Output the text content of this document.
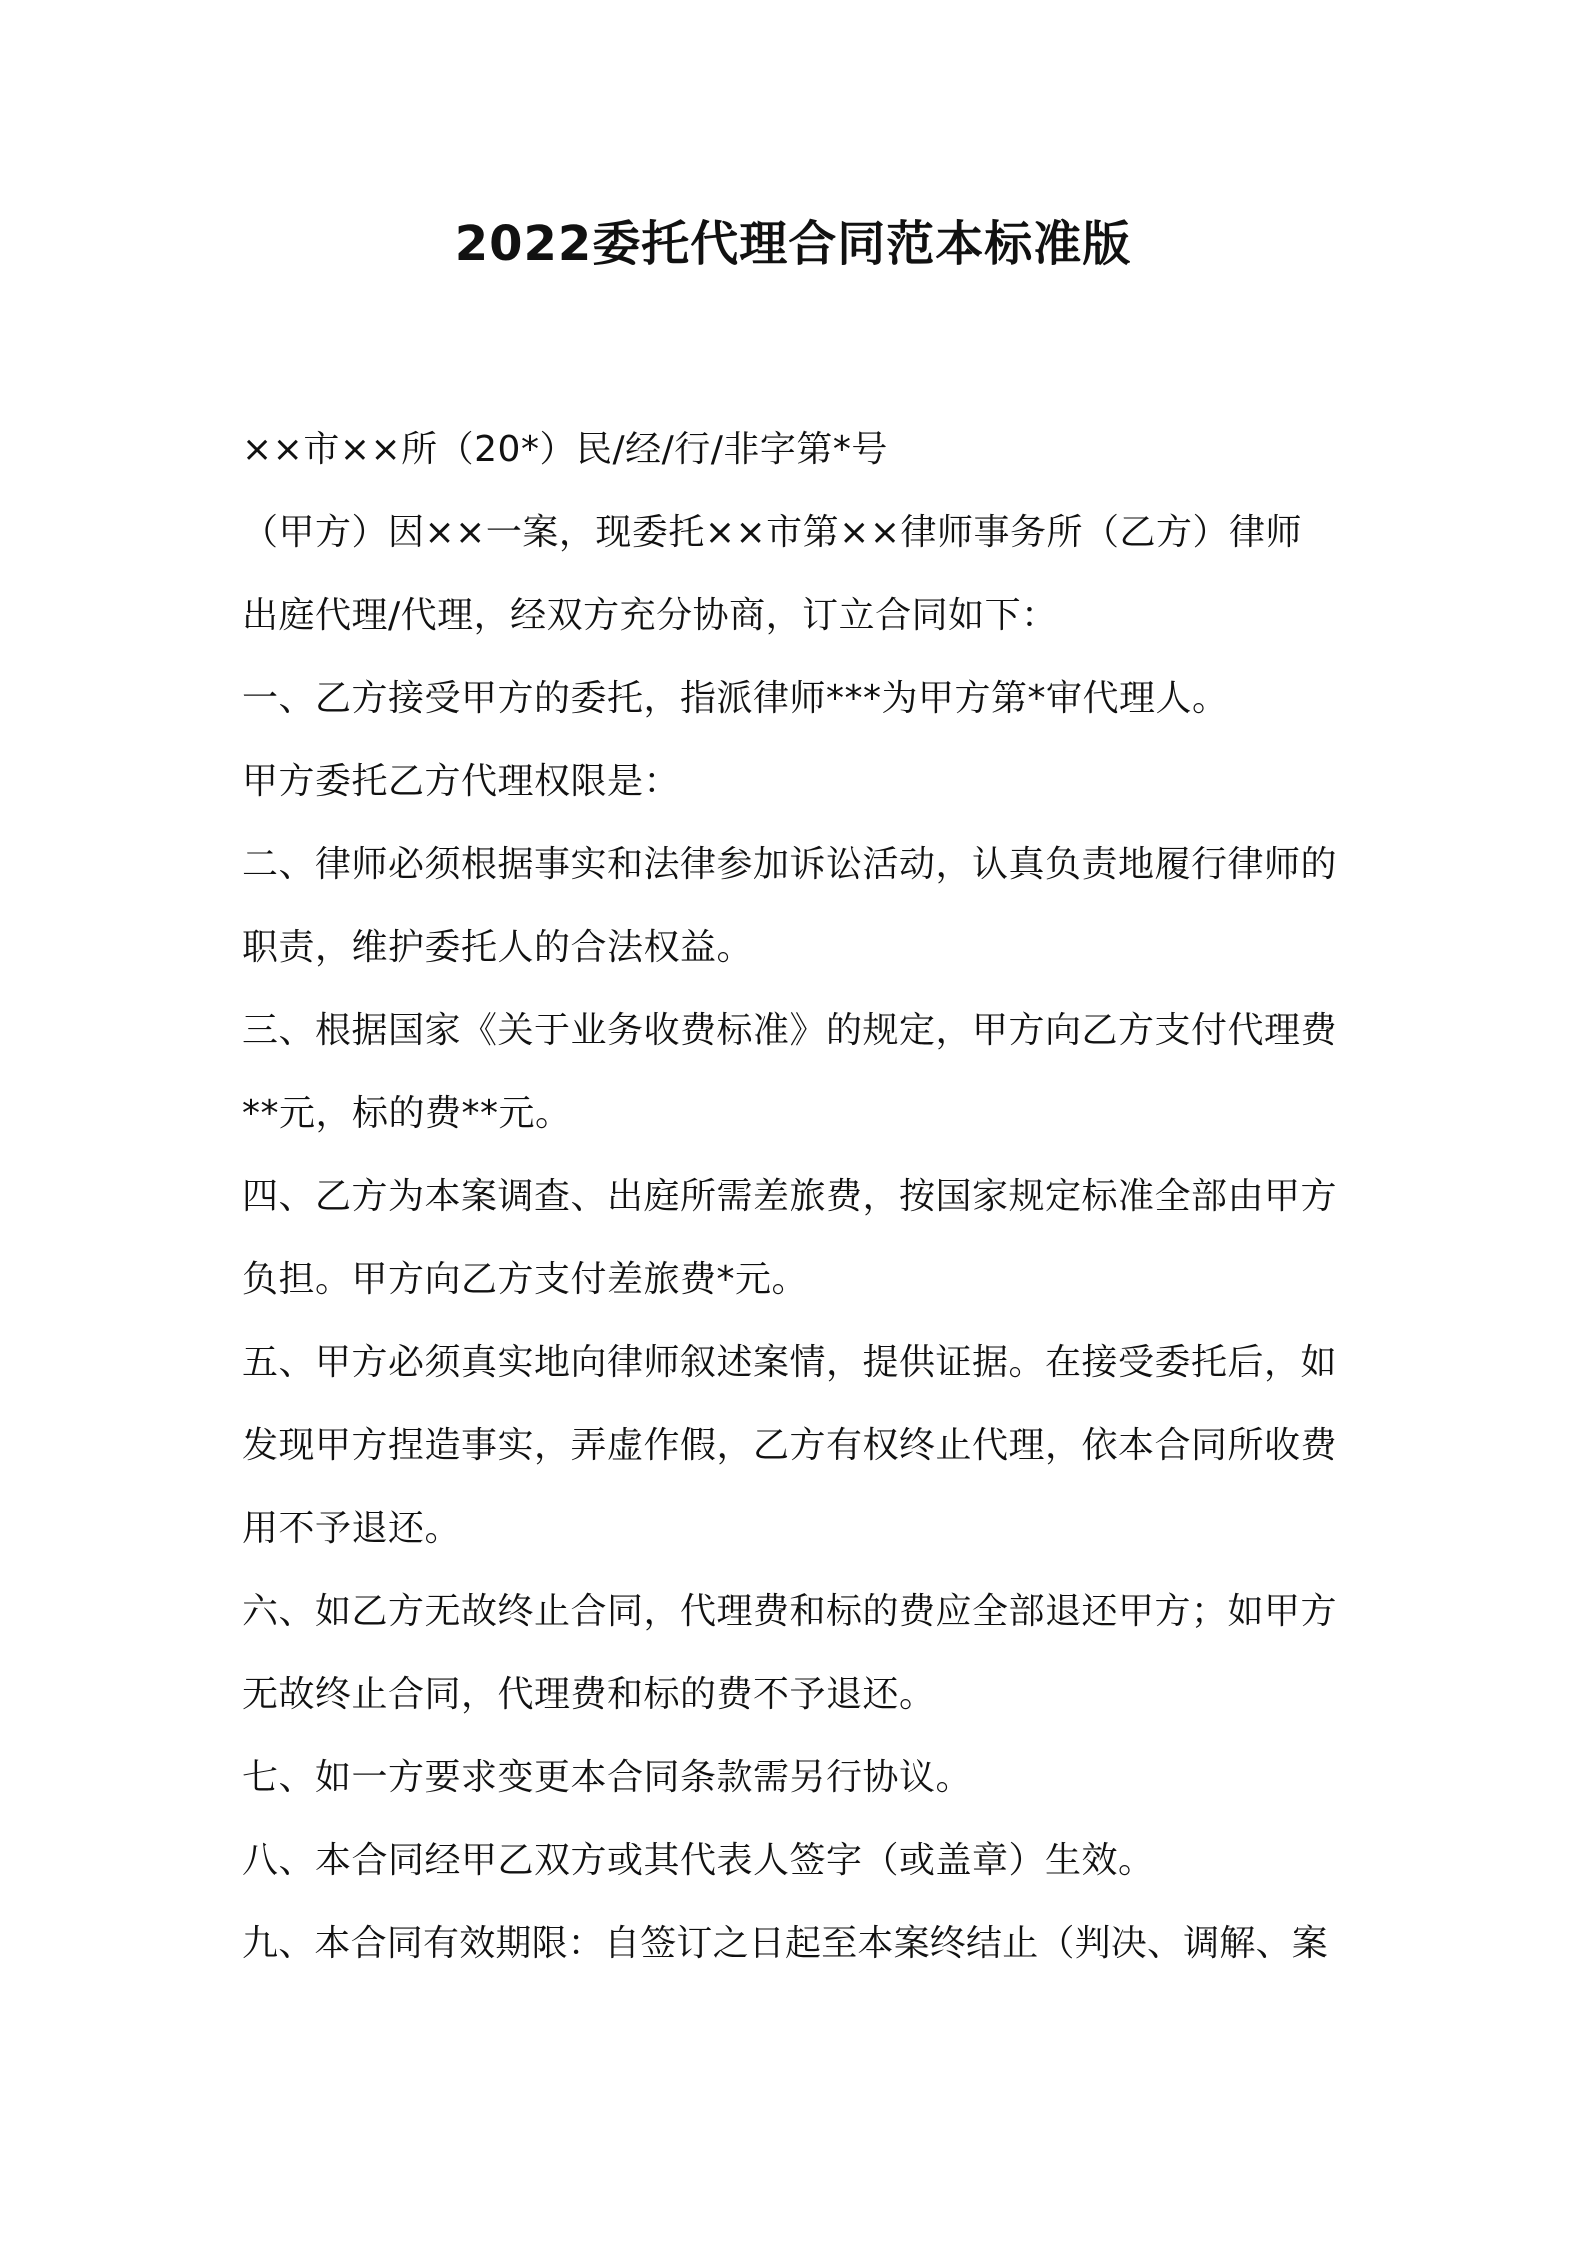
2022委托代理合同范本标准版
××市××所（20*）民/经/行/非字第*号
（甲方）因××一案，现委托××市第××律师事务所（乙方）律师
出庭代理/代理，经双方充分协商，订立合同如下：
一、乙方接受甲方的委托，指派律师***为甲方第*审代理人。
甲方委托乙方代理权限是：
二、律师必须根据事实和法律参加诉讼活动，认真负责地履行律师的
职责，维护委托人的合法权益。
三、根据国家《关于业务收费标准》的规定，甲方向乙方支付代理费
**元，标的费**元。
四、乙方为本案调查、出庭所需差旅费，按国家规定标准全部由甲方
负担。甲方向乙方支付差旅费*元。
五、甲方必须真实地向律师叙述案情，提供证据。在接受委托后，如
发现甲方捏造事实，弄虚作假，乙方有权终止代理，依本合同所收费
用不予退还。
六、如乙方无故终止合同，代理费和标的费应全部退还甲方；如甲方
无故终止合同，代理费和标的费不予退还。
七、如一方要求变更本合同条款需另行协议。
八、本合同经甲乙双方或其代表人签字（或盖章）生效。
九、本合同有效期限：自签订之日起至本案终结止（判决、调解、案
